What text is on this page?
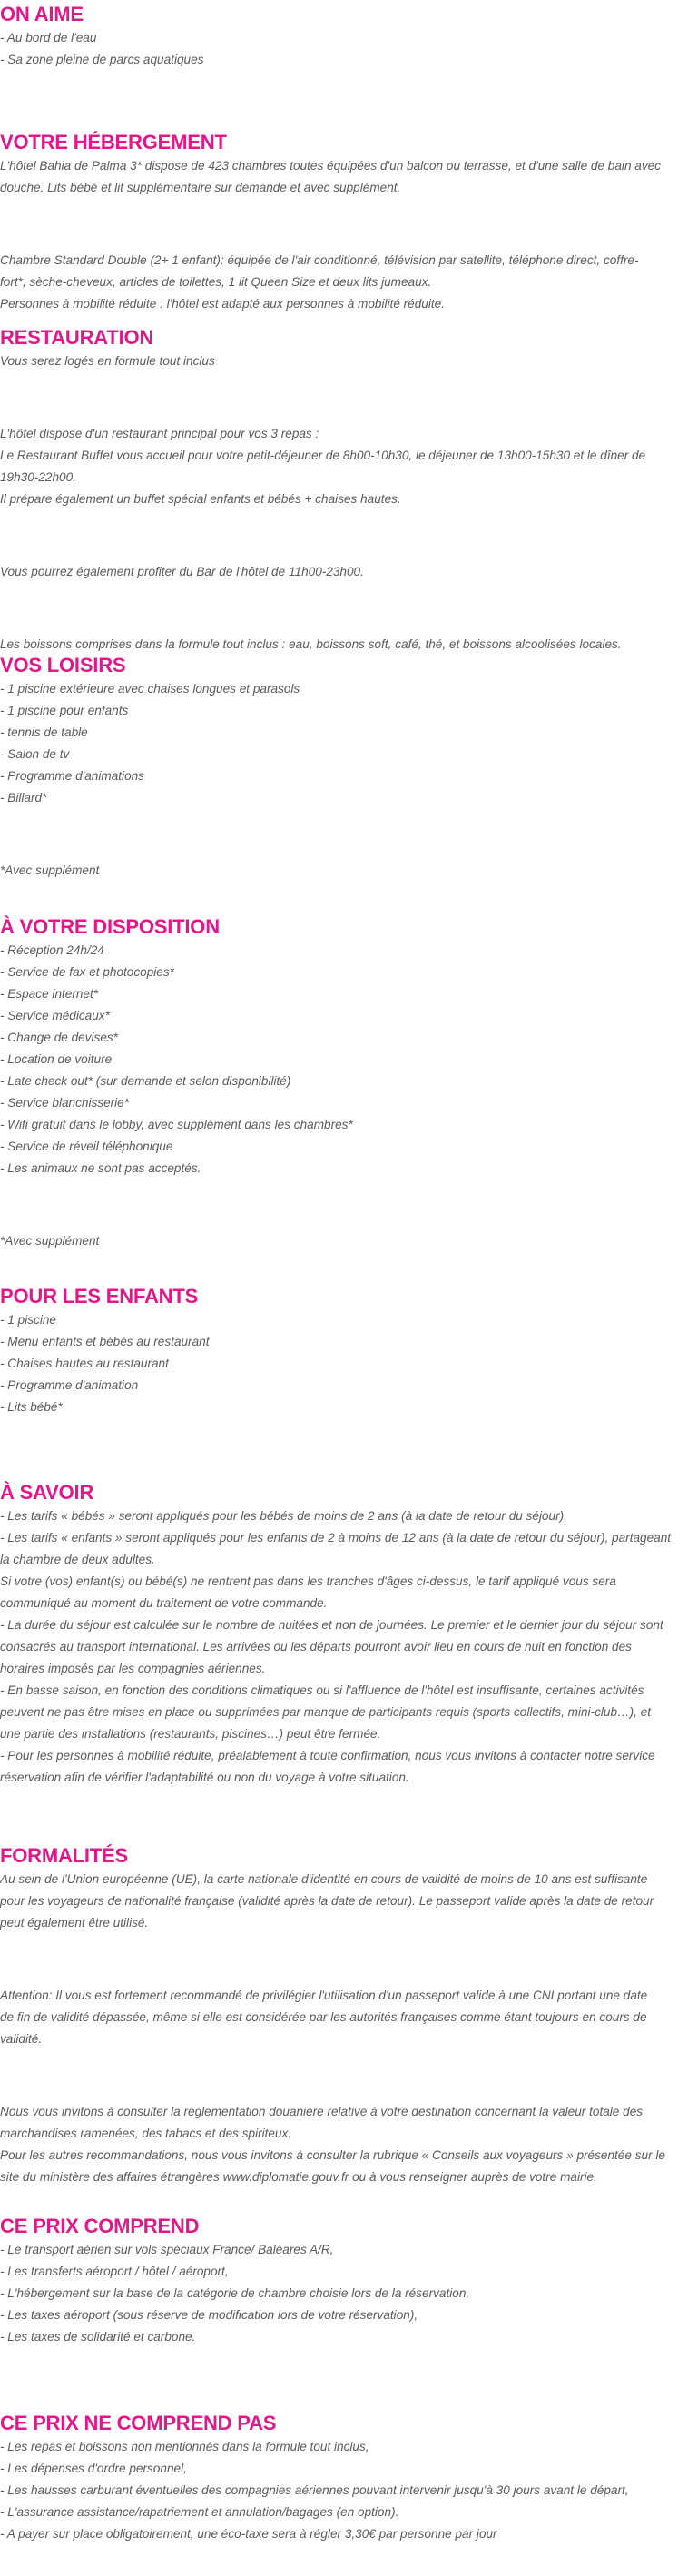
ON AIME

- Au bord de l'eau

- Sa zone pleine de parcs aquatiques

VOTRE HÉBERGEMENT

L'hôtel Bahia de Palma 3* dispose de 423 chambres toutes équipées d'un balcon ou terrasse, et d'une salle de bain avec

douche. Lits bébé et lit supplémentaire sur demande et avec supplément.

Chambre Standard Double (2+ 1 enfant): équipée de l'air conditionné, télévision par satellite, téléphone direct, coffre-

fort*, sèche-cheveux, articles de toilettes, 1 lit Queen Size et deux lits jumeaux.

Personnes à mobilité réduite : l'hôtel est adapté aux personnes à mobilité réduite.

RESTAURATION

Vous serez logés en formule tout inclus

L'hôtel dispose d'un restaurant principal pour vos 3 repas :

Le Restaurant Buffet vous accueil pour votre petit-déjeuner de 8h00-10h30, le déjeuner de 13h00-15h30 et le dîner de

19h30-22h00.

Il prépare également un buffet spécial enfants et bébés + chaises hautes.

Vous pourrez également profiter du Bar de l'hôtel de 11h00-23h00.

Les boissons comprises dans la formule tout inclus : eau, boissons soft, café, thé, et boissons alcoolisées locales.

VOS LOISIRS

- 1 piscine extérieure avec chaises longues et parasols

- 1 piscine pour enfants

- tennis de table

- Salon de tv

- Programme d'animations

- Billard*

*Avec supplément

À VOTRE DISPOSITION

- Réception 24h/24

- Service de fax et photocopies*

- Espace internet*

- Service médicaux*

- Change de devises*

- Location de voiture

- Late check out* (sur demande et selon disponibilité)

- Service blanchisserie*

- Wifi gratuit dans le lobby, avec supplément dans les chambres*

- Service de réveil téléphonique

- Les animaux ne sont pas acceptés.

*Avec supplément

POUR LES ENFANTS

- 1 piscine

- Menu enfants et bébés au restaurant

- Chaises hautes au restaurant

- Programme d'animation

- Lits bébé*

À SAVOIR

- Les tarifs « bébés » seront appliqués pour les bébés de moins de 2 ans (à la date de retour du séjour).

- Les tarifs « enfants » seront appliqués pour les enfants de 2 à moins de 12 ans (à la date de retour du séjour), partageant

la chambre de deux adultes.

Si votre (vos) enfant(s) ou bébé(s) ne rentrent pas dans les tranches d'âges ci-dessus, le tarif appliqué vous sera

communiqué au moment du traitement de votre commande.

- La durée du séjour est calculée sur le nombre de nuitées et non de journées. Le premier et le dernier jour du séjour sont

consacrés au transport international. Les arrivées ou les départs pourront avoir lieu en cours de nuit en fonction des

horaires imposés par les compagnies aériennes.

- En basse saison, en fonction des conditions climatiques ou si l'affluence de l'hôtel est insuffisante, certaines activités

peuvent ne pas être mises en place ou supprimées par manque de participants requis (sports collectifs, mini-club…), et

une partie des installations (restaurants, piscines…) peut être fermée.

- Pour les personnes à mobilité réduite, préalablement à toute confirmation, nous vous invitons à contacter notre service

réservation afin de vérifier l'adaptabilité ou non du voyage à votre situation.

FORMALITÉS

Au sein de l'Union européenne (UE), la carte nationale d'identité en cours de validité de moins de 10 ans est suffisante

pour les voyageurs de nationalité française (validité après la date de retour). Le passeport valide après la date de retour

peut également être utilisé.

Attention: Il vous est fortement recommandé de privilégier l'utilisation d'un passeport valide à une CNI portant une date

de fin de validité dépassée, même si elle est considérée par les autorités françaises comme étant toujours en cours de

validité.

Nous vous invitons à consulter la réglementation douanière relative à votre destination concernant la valeur totale des

marchandises ramenées, des tabacs et des spiriteux.

Pour les autres recommandations, nous vous invitons à consulter la rubrique « Conseils aux voyageurs » présentée sur le

site du ministère des affaires étrangères www.diplomatie.gouv.fr ou à vous renseigner auprès de votre mairie.

CE PRIX COMPREND

- Le transport aérien sur vols spéciaux France/ Baléares A/R,

- Les transferts aéroport / hôtel / aéroport,

- L'hébergement sur la base de la catégorie de chambre choisie lors de la réservation,

- Les taxes aéroport (sous réserve de modification lors de votre réservation),

- Les taxes de solidarité et carbone.

CE PRIX NE COMPREND PAS

- Les repas et boissons non mentionnés dans la formule tout inclus,

- Les dépenses d'ordre personnel,

- Les hausses carburant éventuelles des compagnies aériennes pouvant intervenir jusqu'à 30 jours avant le départ,

- L'assurance assistance/rapatriement et annulation/bagages (en option).

- A payer sur place obligatoirement, une éco-taxe sera à régler 3,30€ par personne par jour
